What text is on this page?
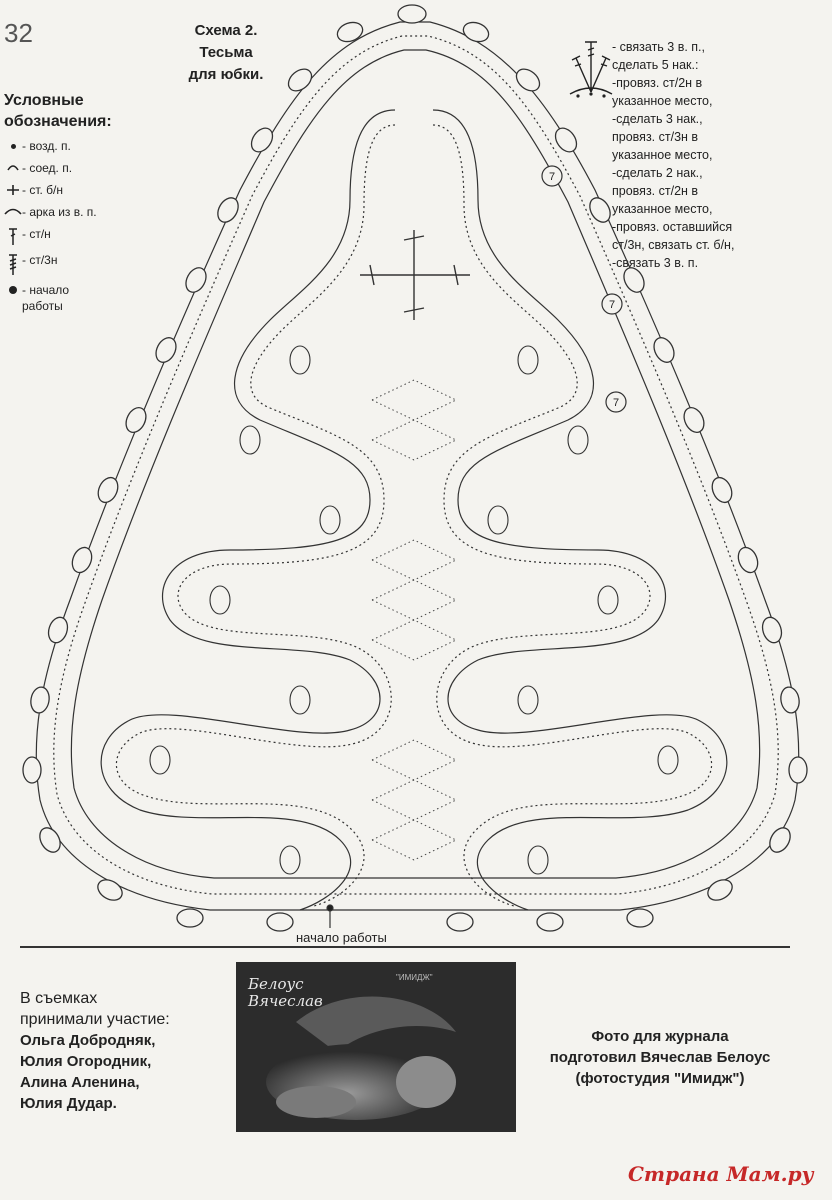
32	Схема 2.
Тесьма
для юбки.
Условные
обозначения:
- возд. п.
- соед. п.
- ст. б/н
- арка из в. п.
- ст/н
- ст/3н
- начало
работы
- связать 3 в. п.,
сделать 5 нак.:
-провяз. ст/2н в
указанное место,
-сделать 3 нак.,
провяз. ст/3н в
указанное место,
-сделать 2 нак.,
провяз. ст/2н в
указанное место,
-провяз. оставшийся
ст/3н, связать ст. б/н,
-связать 3 в. п.
7
7
7
начало работы
В съемках
принимали участие:
Ольга Добродняк,
Юлия Огородник,
Алина Аленина,
Юлия Дудар.
Белоус
Вячеслав
"ИМИДЖ"
Фото для журнала
подготовил Вячеслав Белоус
(фотостудия "Имидж")
Страна Мам.ру
